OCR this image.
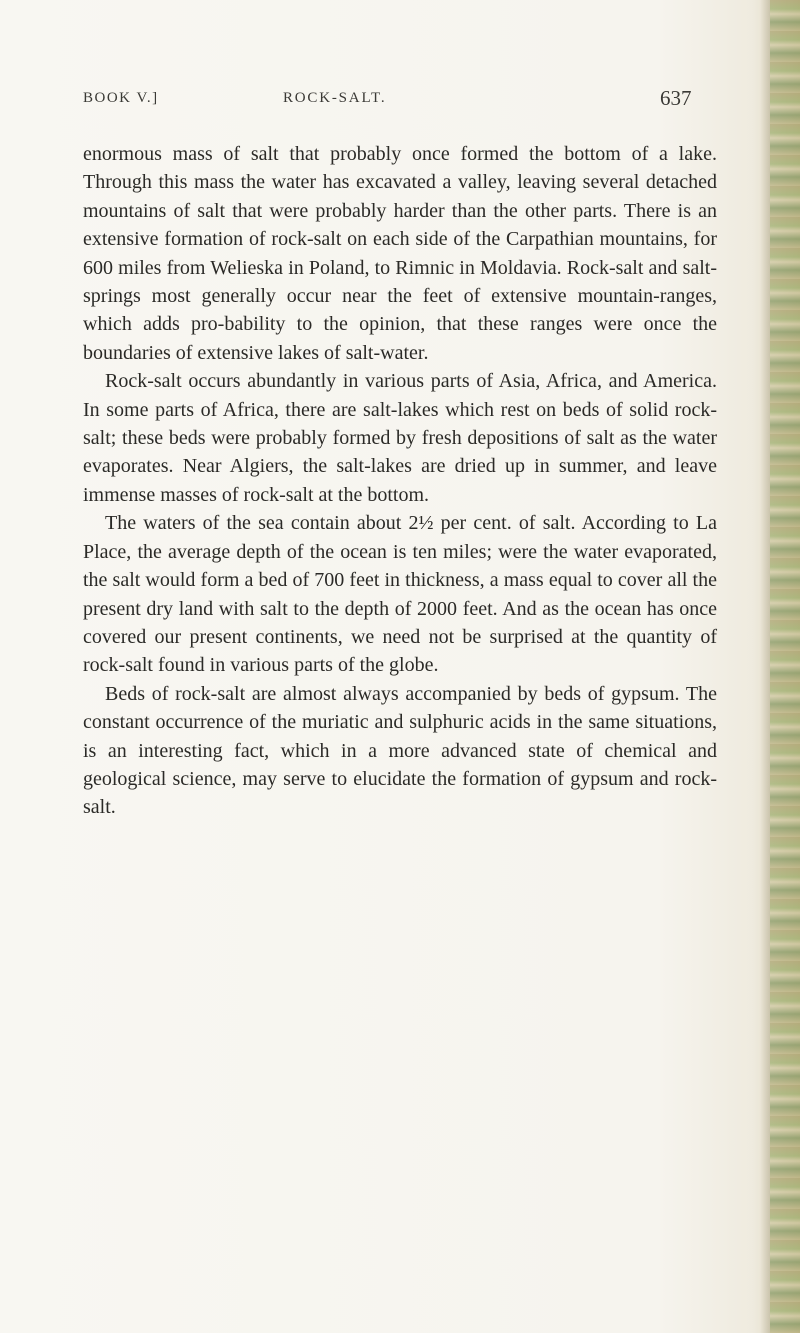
BOOK V.]	ROCK-SALT.	637

enormous mass of salt that probably once formed the bottom of a lake. Through this mass the water has excavated a valley, leaving several detached mountains of salt that were probably harder than the other parts. There is an extensive formation of rock-salt on each side of the Carpathian mountains, for 600 miles from Welieska in Poland, to Rimnic in Moldavia. Rock-salt and salt-springs most generally occur near the feet of extensive mountain-ranges, which adds pro-bability to the opinion, that these ranges were once the boundaries of extensive lakes of salt-water.

Rock-salt occurs abundantly in various parts of Asia, Africa, and America. In some parts of Africa, there are salt-lakes which rest on beds of solid rock-salt; these beds were probably formed by fresh depositions of salt as the water evaporates. Near Algiers, the salt-lakes are dried up in summer, and leave immense masses of rock-salt at the bottom.

The waters of the sea contain about 2½ per cent. of salt. According to La Place, the average depth of the ocean is ten miles; were the water evaporated, the salt would form a bed of 700 feet in thickness, a mass equal to cover all the present dry land with salt to the depth of 2000 feet. And as the ocean has once covered our present continents, we need not be surprised at the quantity of rock-salt found in various parts of the globe.

Beds of rock-salt are almost always accompanied by beds of gypsum. The constant occurrence of the muriatic and sulphuric acids in the same situations, is an interesting fact, which in a more advanced state of chemical and geological science, may serve to elucidate the formation of gypsum and rock-salt.
